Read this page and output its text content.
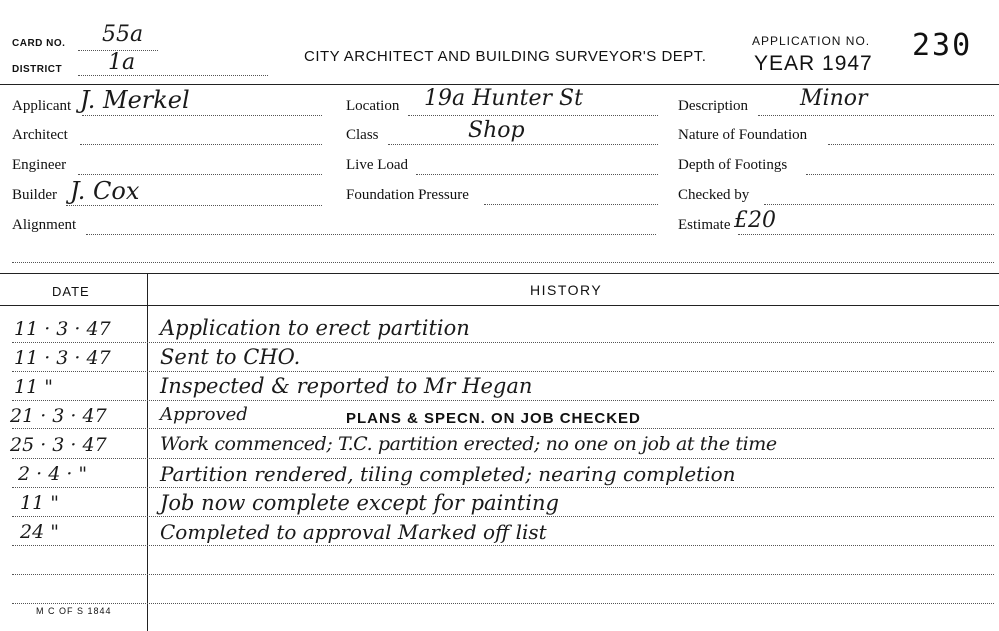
CARD NO. 55a
DISTRICT 1a	CITY ARCHITECT AND BUILDING SURVEYOR'S DEPT.
APPLICATION NO. 230
YEAR 1947
Applicant J. Merkel
Architect
Engineer
Builder J. Cox
Alignment
Location 19a Hunter St
Class	Shop
Live Load
Foundation Pressure
Description Minor
Nature of Foundation
Depth of Footings
Checked by
Estimate £20
DATE	HISTORY
11 · 3 · 47 Application to erect partition
11 · 3 · 47 Sent to CHO.
11 "	Inspected & reported to Mr Hegan
21 · 3 · 47	Approved	PLANS & SPECN. ON JOB CHECKED
25 · 3 · 47	Work commenced; T.C. partition erected; no one on job at the time
2 · 4 · "	Partition rendered, tiling completed; nearing completion
11 "	Job now complete except for painting
24 "	Completed to approval Marked off list
M C OF S 1844
